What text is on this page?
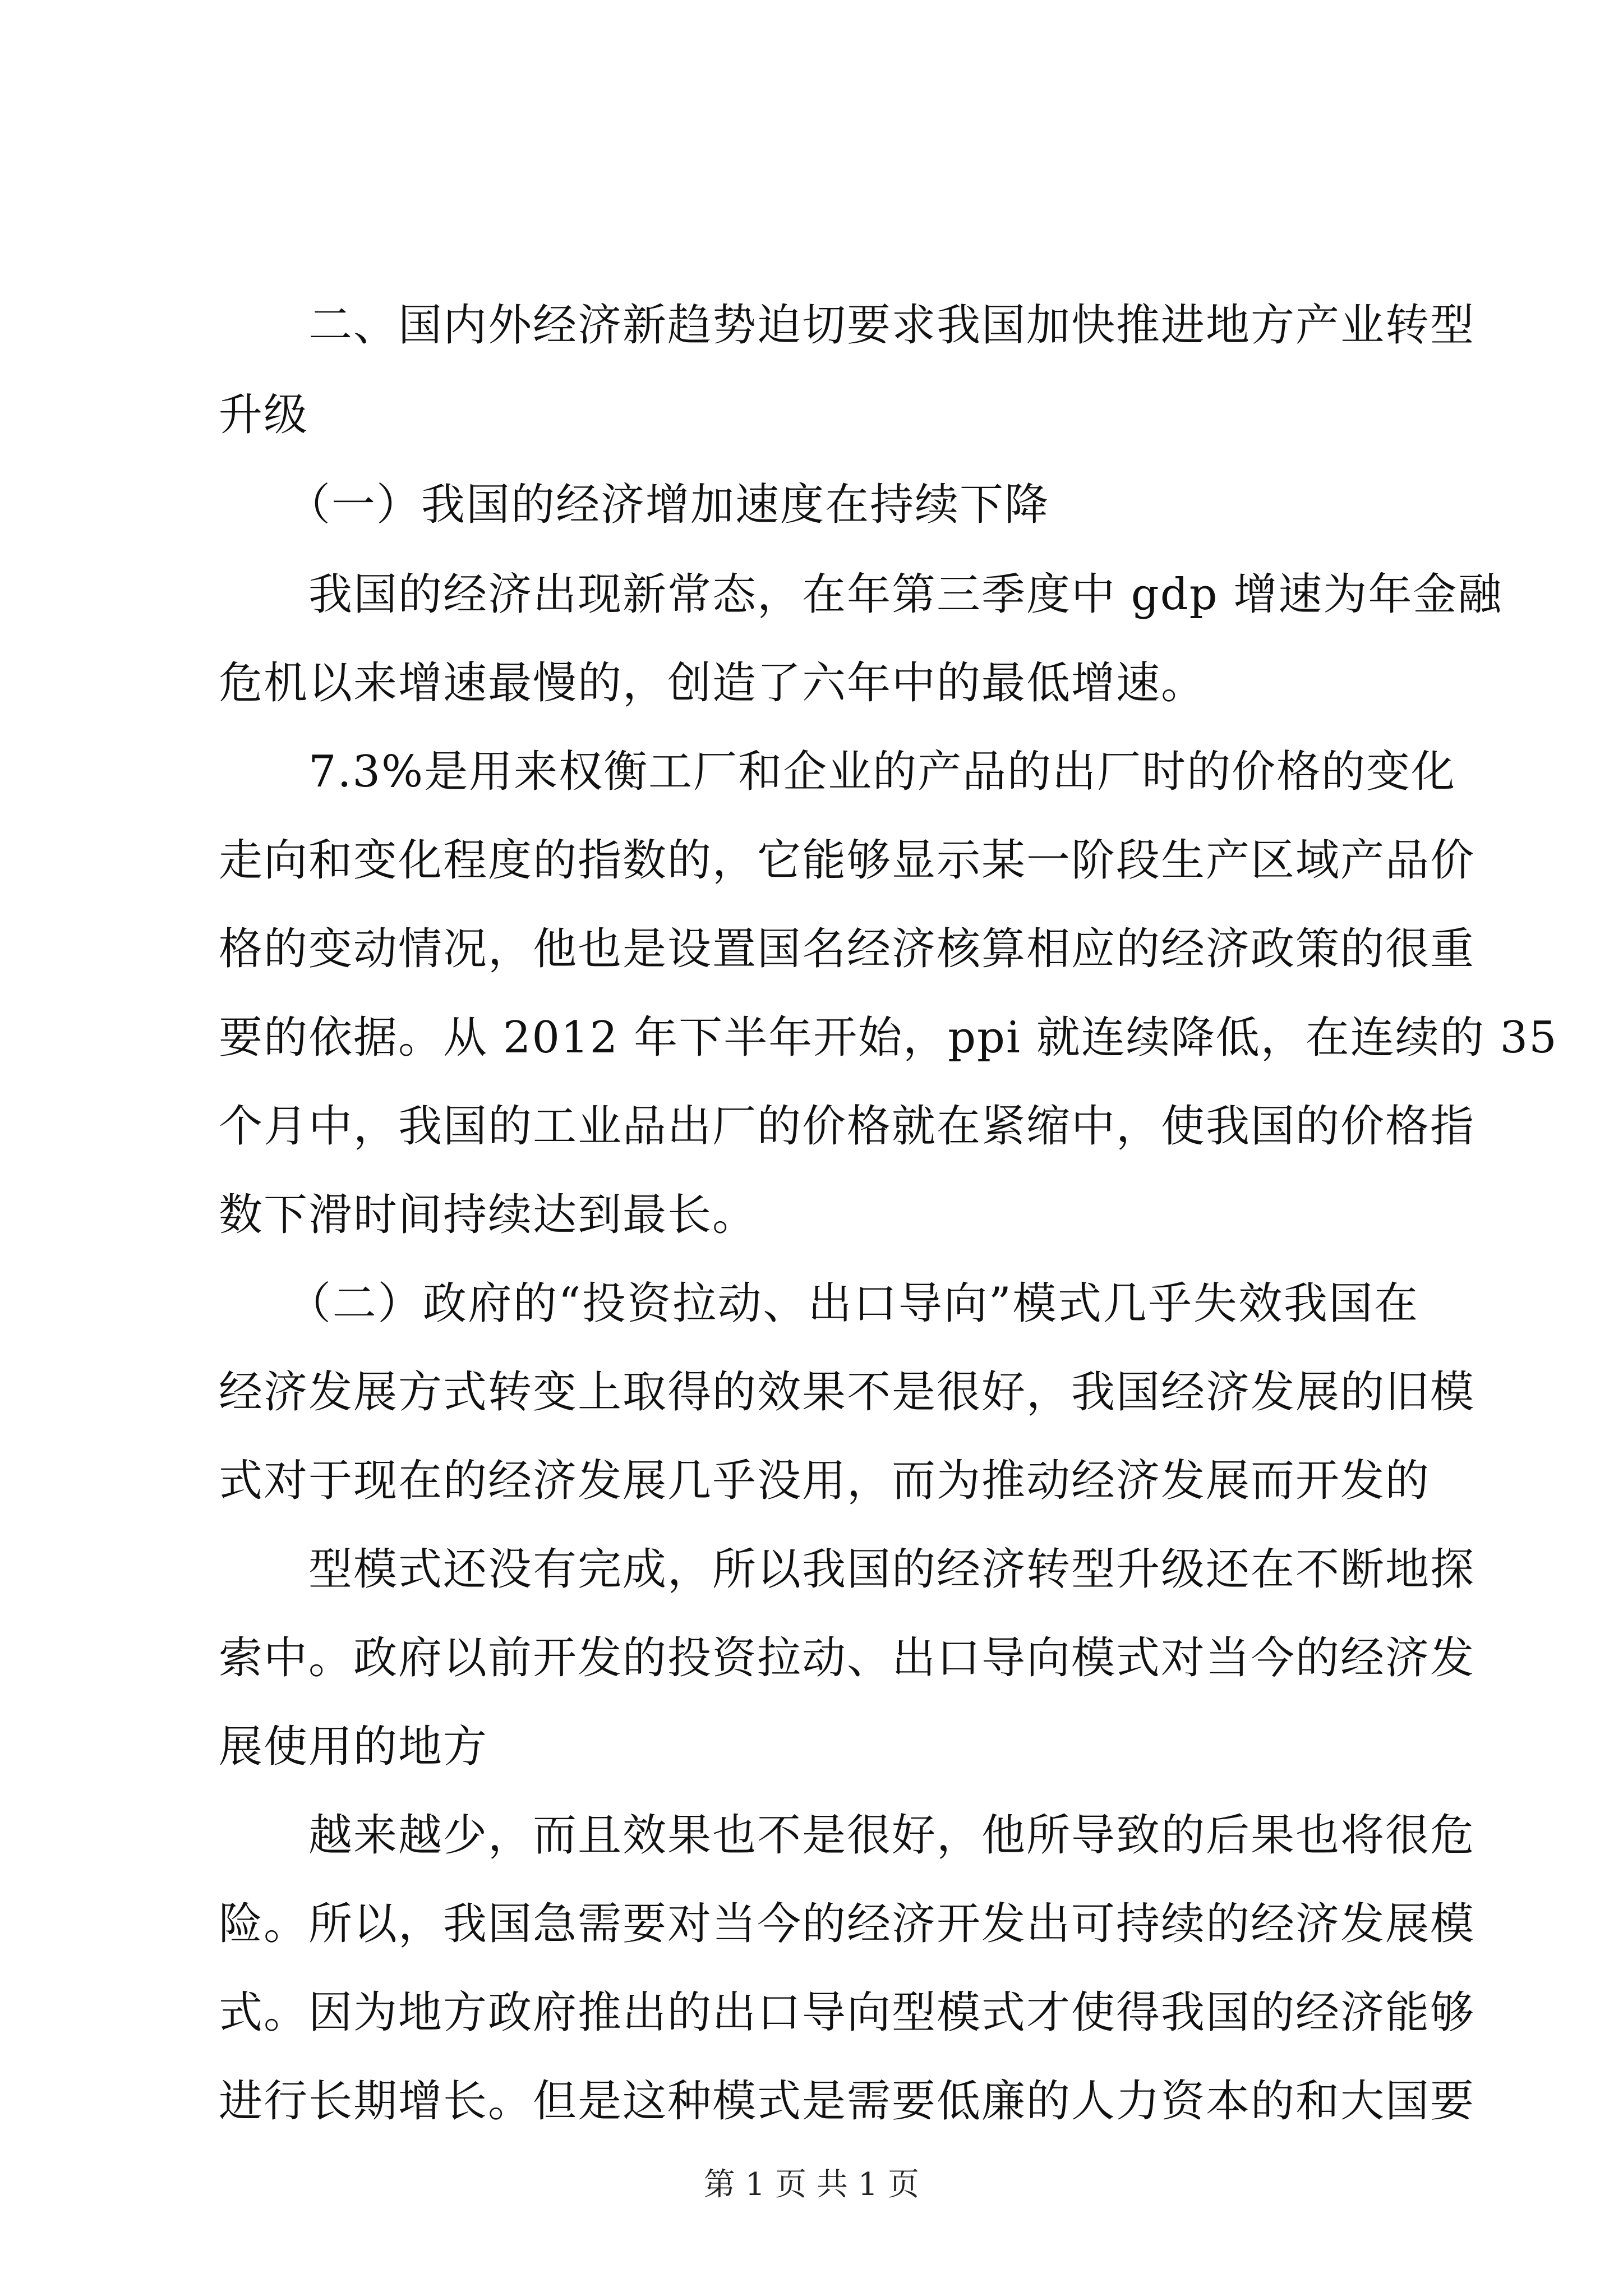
　　二、国内外经济新趋势迫切要求我国加快推进地方产业转型
升级
　　（一）我国的经济增加速度在持续下降
　　我国的经济出现新常态，在年第三季度中 gdp 增速为年金融
危机以来增速最慢的，创造了六年中的最低增速。
　　7.3%是用来权衡工厂和企业的产品的出厂时的价格的变化
走向和变化程度的指数的，它能够显示某一阶段生产区域产品价
格的变动情况，他也是设置国名经济核算相应的经济政策的很重
要的依据。从 2012 年下半年开始，ppi 就连续降低，在连续的 35
个月中，我国的工业品出厂的价格就在紧缩中，使我国的价格指
数下滑时间持续达到最长。
　　（二）政府的“投资拉动、出口导向”模式几乎失效我国在
经济发展方式转变上取得的效果不是很好，我国经济发展的旧模
式对于现在的经济发展几乎没用，而为推动经济发展而开发的
　　型模式还没有完成，所以我国的经济转型升级还在不断地探
索中。政府以前开发的投资拉动、出口导向模式对当今的经济发
展使用的地方
　　越来越少，而且效果也不是很好，他所导致的后果也将很危
险。所以，我国急需要对当今的经济开发出可持续的经济发展模
式。因为地方政府推出的出口导向型模式才使得我国的经济能够
第 1 页 共 1 页
进行长期增长。但是这种模式是需要低廉的人力资本的和大国要
